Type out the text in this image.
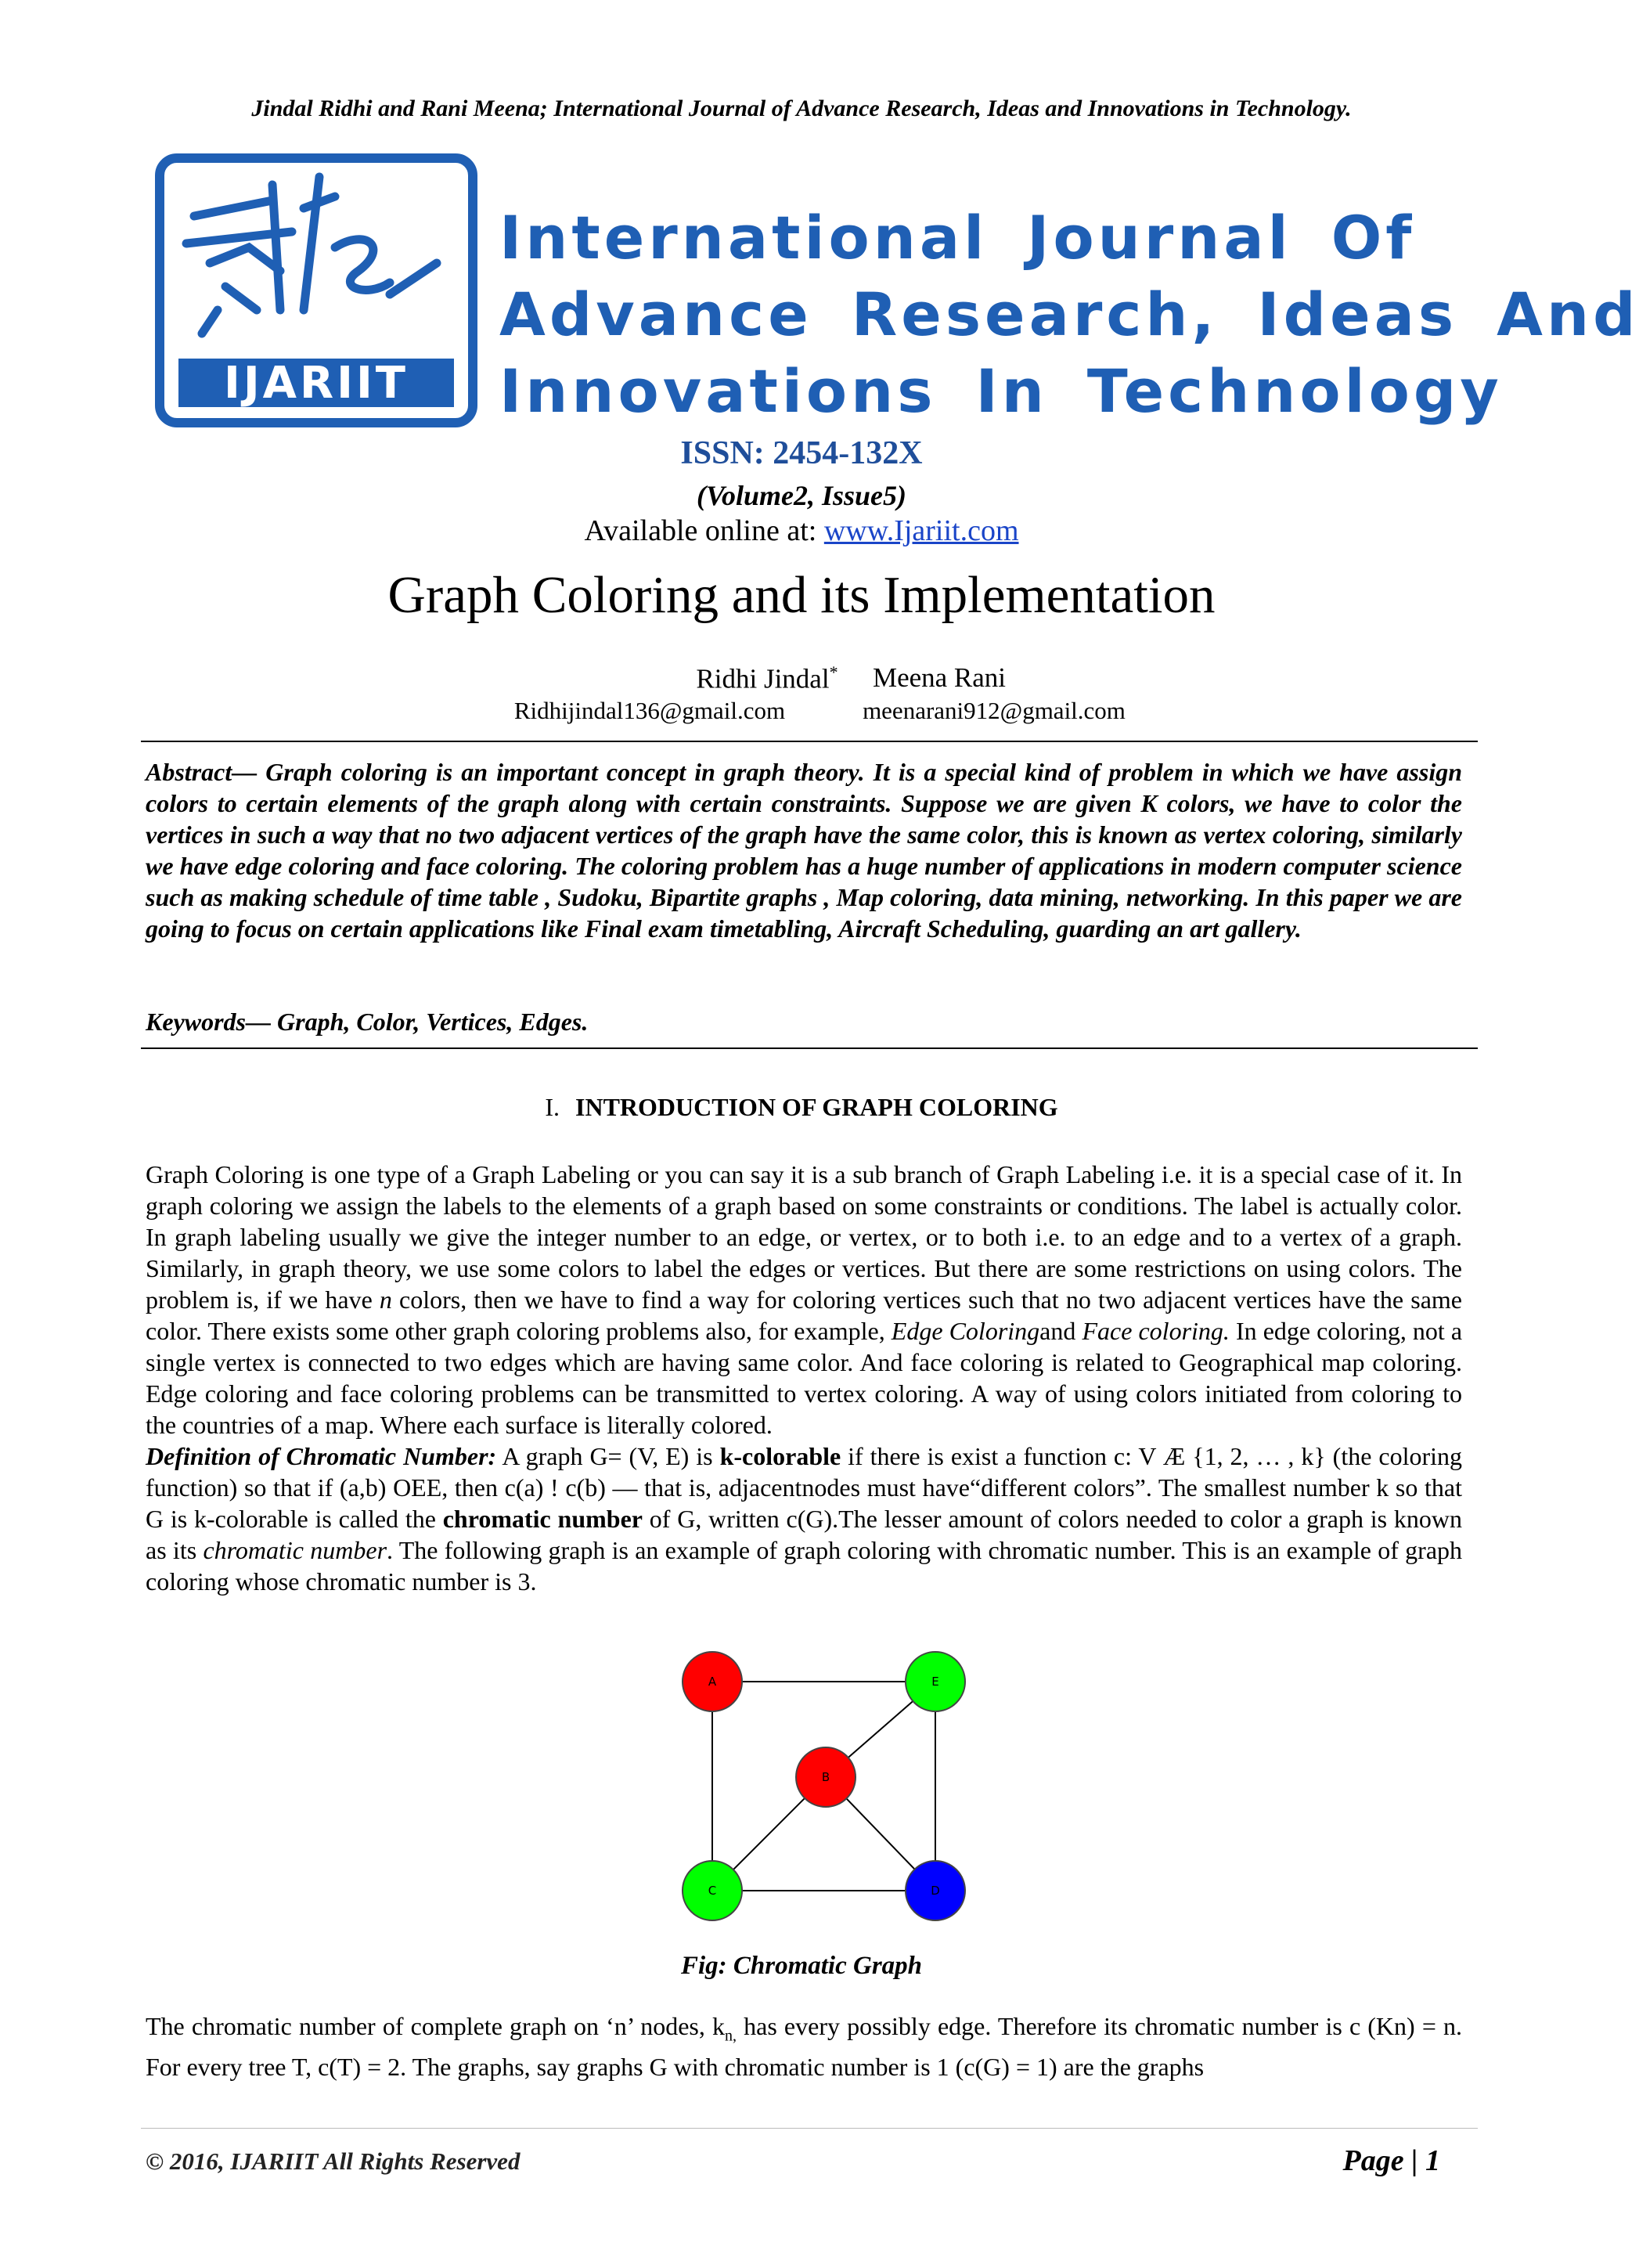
Jindal Ridhi and Rani Meena; International Journal of Advance Research, Ideas and Innovations in Technology.
IJARIIT
International Journal Of
Advance Research, Ideas And
Innovations In Technology
ISSN: 2454-132X
(Volume2, Issue5)
Available online at: www.Ijariit.com
Graph Coloring and its Implementation
Ridhi Jindal*	Meena Rani
Ridhijindal136@gmail.com	meenarani912@gmail.com
Abstract— Graph coloring is an important concept in graph theory. It is a special kind of problem in which we have assign colors to certain elements of the graph along with certain constraints. Suppose we are given K colors, we have to color the vertices in such a way that no two adjacent vertices of the graph have the same color, this is known as vertex coloring, similarly we have edge coloring and face coloring. The coloring problem has a huge number of applications in modern computer science such as making schedule of time table , Sudoku, Bipartite graphs , Map coloring, data mining, networking. In this paper we are going to focus on certain applications like Final exam timetabling, Aircraft Scheduling, guarding an art gallery.
Keywords— Graph, Color, Vertices, Edges.
I. INTRODUCTION OF GRAPH COLORING

Graph Coloring is one type of a Graph Labeling or you can say it is a sub branch of Graph Labeling i.e. it is a special case of it. In graph coloring we assign the labels to the elements of a graph based on some constraints or conditions. The label is actually color. In graph labeling usually we give the integer number to an edge, or vertex, or to both i.e. to an edge and to a vertex of a graph. Similarly, in graph theory, we use some colors to label the edges or vertices. But there are some restrictions on using colors. The problem is, if we have n colors, then we have to find a way for coloring vertices such that no two adjacent vertices have the same color. There exists some other graph coloring problems also, for example, Edge Coloringand Face coloring. In edge coloring, not a single vertex is connected to two edges which are having same color. And face coloring is related to Geographical map coloring. Edge coloring and face coloring problems can be transmitted to vertex coloring. A way of using colors initiated from coloring to the countries of a map. Where each surface is literally colored.

Definition of Chromatic Number: A graph G= (V, E) is k-colorable if there is exist a function c: V Æ {1, 2, … , k} (the coloring function) so that if (a,b) OEE, then c(a) ! c(b) — that is, adjacentnodes must have“different colors”. The smallest number k so that G is k-colorable is called the chromatic number of G, written c(G).The lesser amount of colors needed to color a graph is known as its chromatic number. The following graph is an example of graph coloring with chromatic number. This is an example of graph coloring whose chromatic number is 3.

A	E
B
C	D
Fig: Chromatic Graph
The chromatic number of complete graph on ‘n’ nodes, $k_{n,}$ has every possibly edge. Therefore its chromatic number is c (Kn) = n. For every tree T, c(T) = 2. The graphs, say graphs G with chromatic number is 1 (c(G) = 1) are the graphs
© 2016, IJARIIT All Rights Reserved	Page | 1
